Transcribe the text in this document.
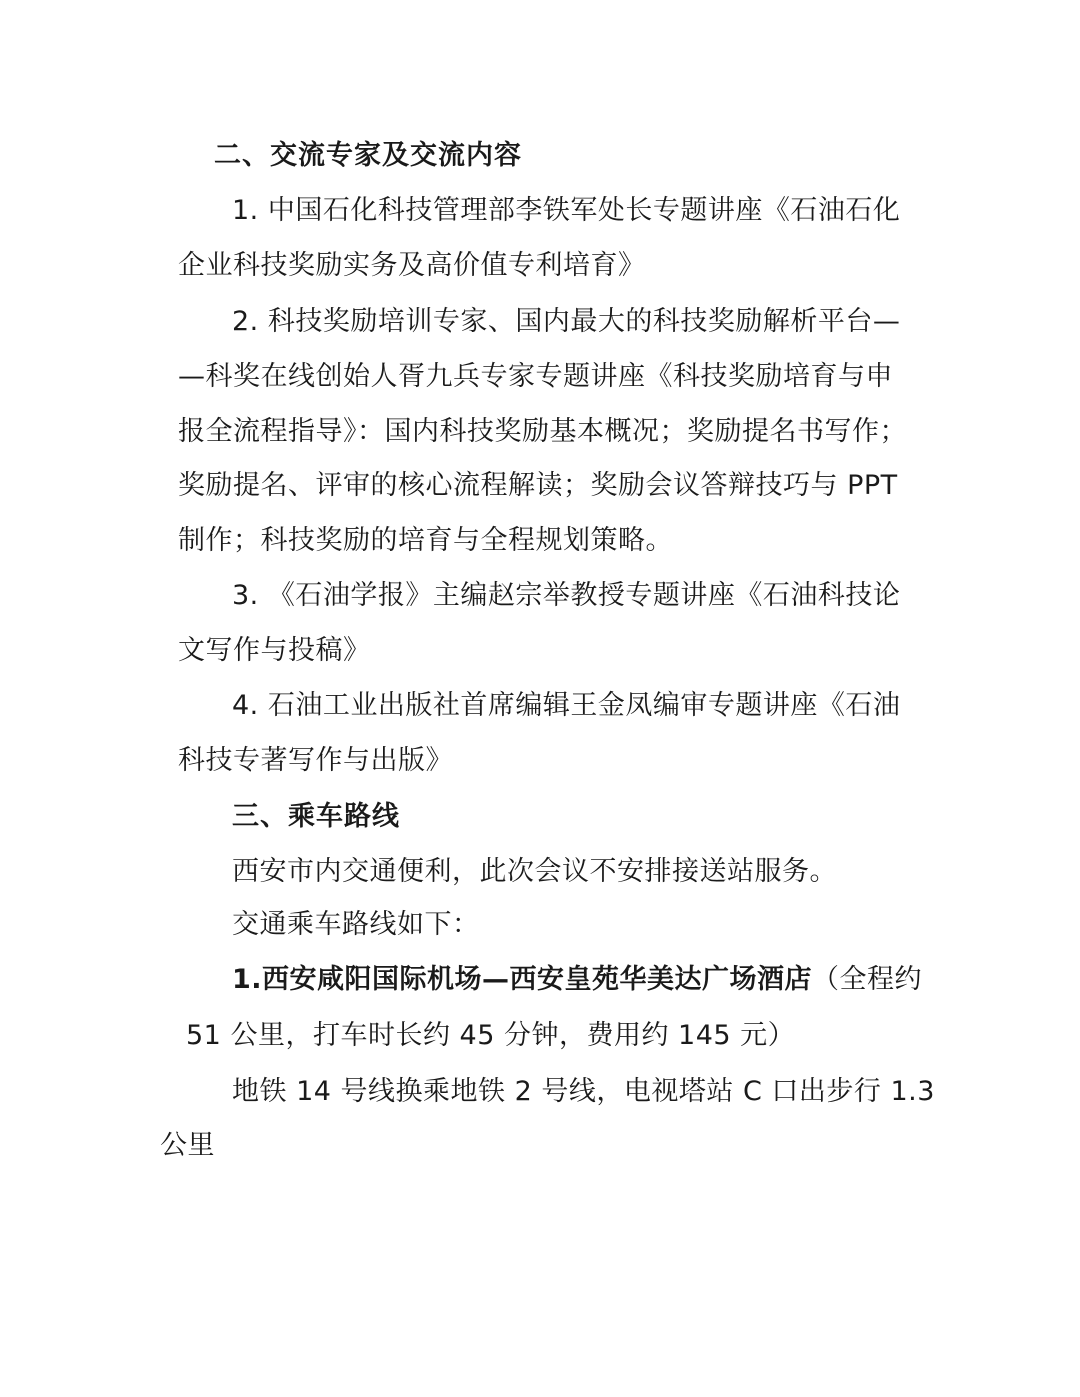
二、交流专家及交流内容
1. 中国石化科技管理部李铁军处长专题讲座《石油石化
企业科技奖励实务及高价值专利培育》
2. 科技奖励培训专家、国内最大的科技奖励解析平台—
—科奖在线创始人胥九兵专家专题讲座《科技奖励培育与申
报全流程指导》：国内科技奖励基本概况；奖励提名书写作；
奖励提名、评审的核心流程解读；奖励会议答辩技巧与 PPT
制作；科技奖励的培育与全程规划策略。
3. 《石油学报》主编赵宗举教授专题讲座《石油科技论
文写作与投稿》
4. 石油工业出版社首席编辑王金凤编审专题讲座《石油
科技专著写作与出版》
三、乘车路线
西安市内交通便利，此次会议不安排接送站服务。
交通乘车路线如下：
1.西安咸阳国际机场—西安皇苑华美达广场酒店（全程约
51 公里，打车时长约 45 分钟，费用约 145 元）
地铁 14 号线换乘地铁 2 号线，电视塔站 C 口出步行 1.3
公里
